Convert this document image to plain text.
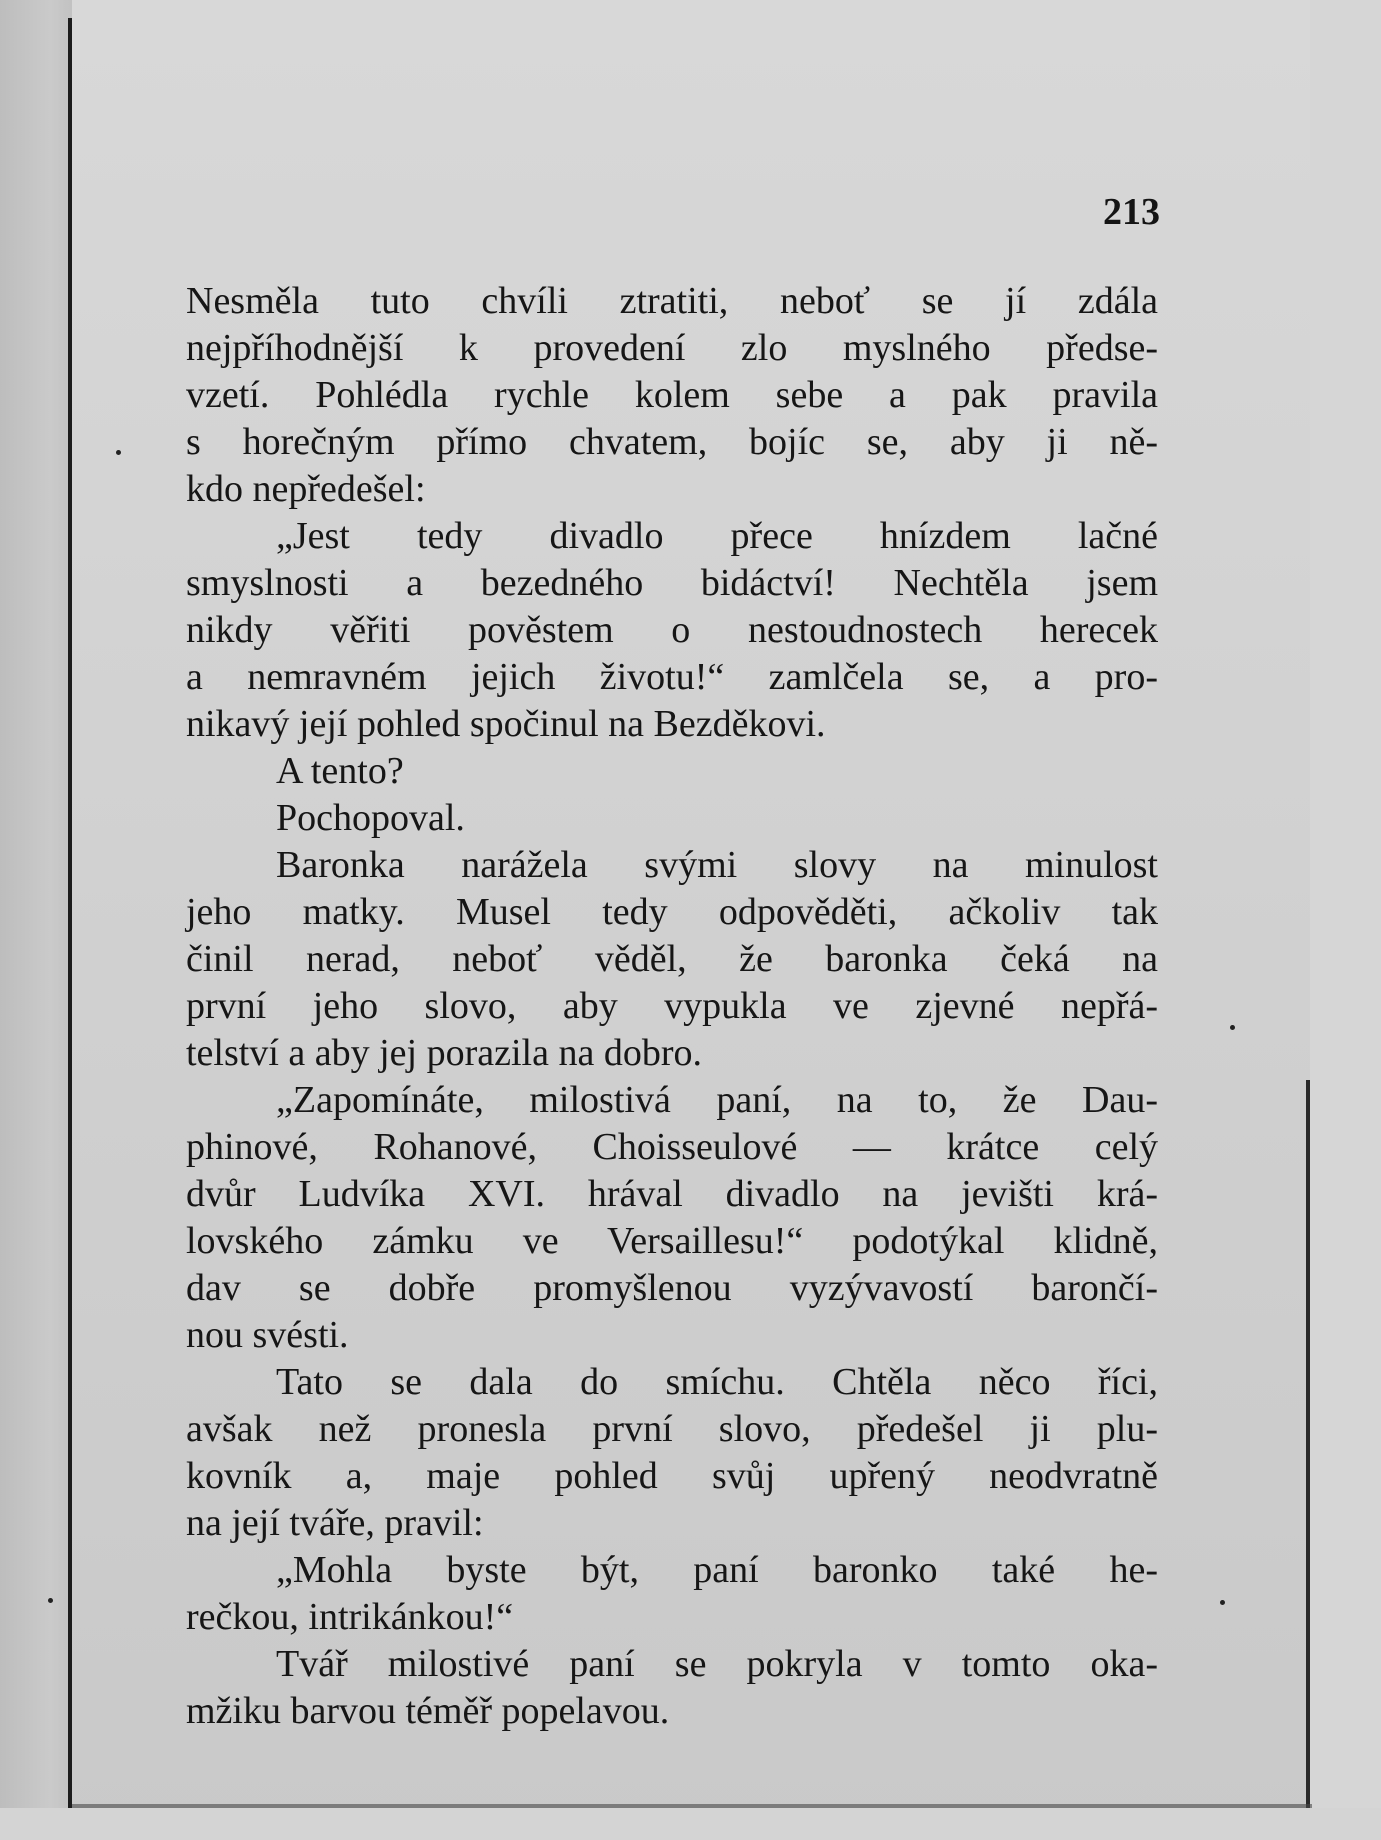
213
Nesměla tuto chvíli ztratiti, neboť se jí zdála
nejpříhodnější k provedení zlo myslného předse-
vzetí. Pohlédla rychle kolem sebe a pak pravila
s horečným přímo chvatem, bojíc se, aby ji ně-
kdo nepředešel:
„Jest tedy divadlo přece hnízdem lačné
smyslnosti a bezedného bidáctví! Nechtěla jsem
nikdy věřiti pověstem o nestoudnostech herecek
a nemravném jejich životu!“ zamlčela se, a pro-
nikavý její pohled spočinul na Bezděkovi.
A tento?
Pochopoval.
Baronka narážela svými slovy na minulost
jeho matky. Musel tedy odpověděti, ačkoliv tak
činil nerad, neboť věděl, že baronka čeká na
první jeho slovo, aby vypukla ve zjevné nepřá-
telství a aby jej porazila na dobro.
„Zapomínáte, milostivá paní, na to, že Dau-
phinové, Rohanové, Choisseulové — krátce celý
dvůr Ludvíka XVI. hrával divadlo na jevišti krá-
lovského zámku ve Versaillesu!“ podotýkal klidně,
dav se dobře promyšlenou vyzývavostí barončí-
nou svésti.
Tato se dala do smíchu. Chtěla něco říci,
avšak než pronesla první slovo, předešel ji plu-
kovník a, maje pohled svůj upřený neodvratně
na její tváře, pravil:
„Mohla byste být, paní baronko také he-
rečkou, intrikánkou!“
Tvář milostivé paní se pokryla v tomto oka-
mžiku barvou téměř popelavou.
